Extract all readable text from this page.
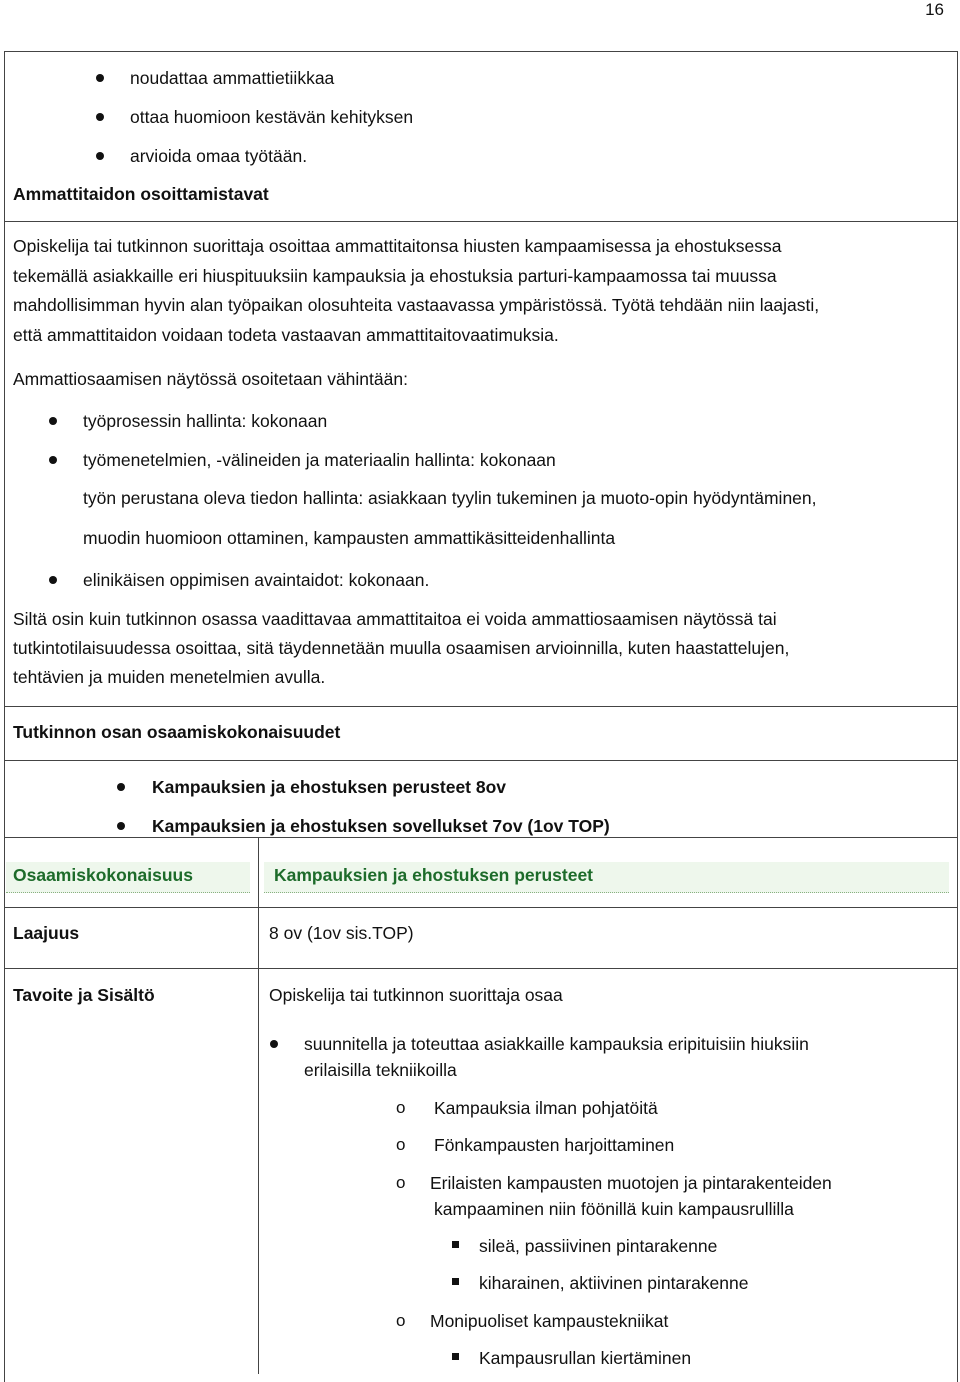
16
noudattaa ammattietiikkaa
ottaa huomioon kestävän kehityksen
arvioida omaa työtään.
Ammattitaidon osoittamistavat
Opiskelija tai tutkinnon suorittaja osoittaa ammattitaitonsa hiusten kampaamisessa ja ehostuksessa
tekemällä asiakkaille eri hiuspituuksiin kampauksia ja ehostuksia parturi-kampaamossa tai muussa
mahdollisimman hyvin alan työpaikan olosuhteita vastaavassa ympäristössä. Työtä tehdään niin laajasti,
että ammattitaidon voidaan todeta vastaavan ammattitaitovaatimuksia.
Ammattiosaamisen näytössä osoitetaan vähintään:
työprosessin hallinta: kokonaan
työmenetelmien, -välineiden ja materiaalin hallinta: kokonaan
työn perustana oleva tiedon hallinta: asiakkaan tyylin tukeminen ja muoto-opin hyödyntäminen,
muodin huomioon ottaminen, kampausten ammattikäsitteidenhallinta
elinikäisen oppimisen avaintaidot: kokonaan.
Siltä osin kuin tutkinnon osassa vaadittavaa ammattitaitoa ei voida ammattiosaamisen näytössä tai
tutkintotilaisuudessa osoittaa, sitä täydennetään muulla osaamisen arvioinnilla, kuten haastattelujen,
tehtävien ja muiden menetelmien avulla.
Tutkinnon osan osaamiskokonaisuudet
Kampauksien ja ehostuksen perusteet 8ov
Kampauksien ja ehostuksen sovellukset 7ov (1ov TOP)
Osaamiskokonaisuus	Kampauksien ja ehostuksen perusteet
Laajuus	8 ov (1ov sis.TOP)
Tavoite ja Sisältö	Opiskelija tai tutkinnon suorittaja osaa
suunnitella ja toteuttaa asiakkaille kampauksia eripituisiin hiuksiin
erilaisilla tekniikoilla
o Kampauksia ilman pohjatöitä
o Fönkampausten harjoittaminen
o Erilaisten kampausten muotojen ja pintarakenteiden
kampaaminen niin föönillä kuin kampausrullilla
sileä, passiivinen pintarakenne
kiharainen, aktiivinen pintarakenne
o Monipuoliset kampaustekniikat
Kampausrullan kiertäminen
